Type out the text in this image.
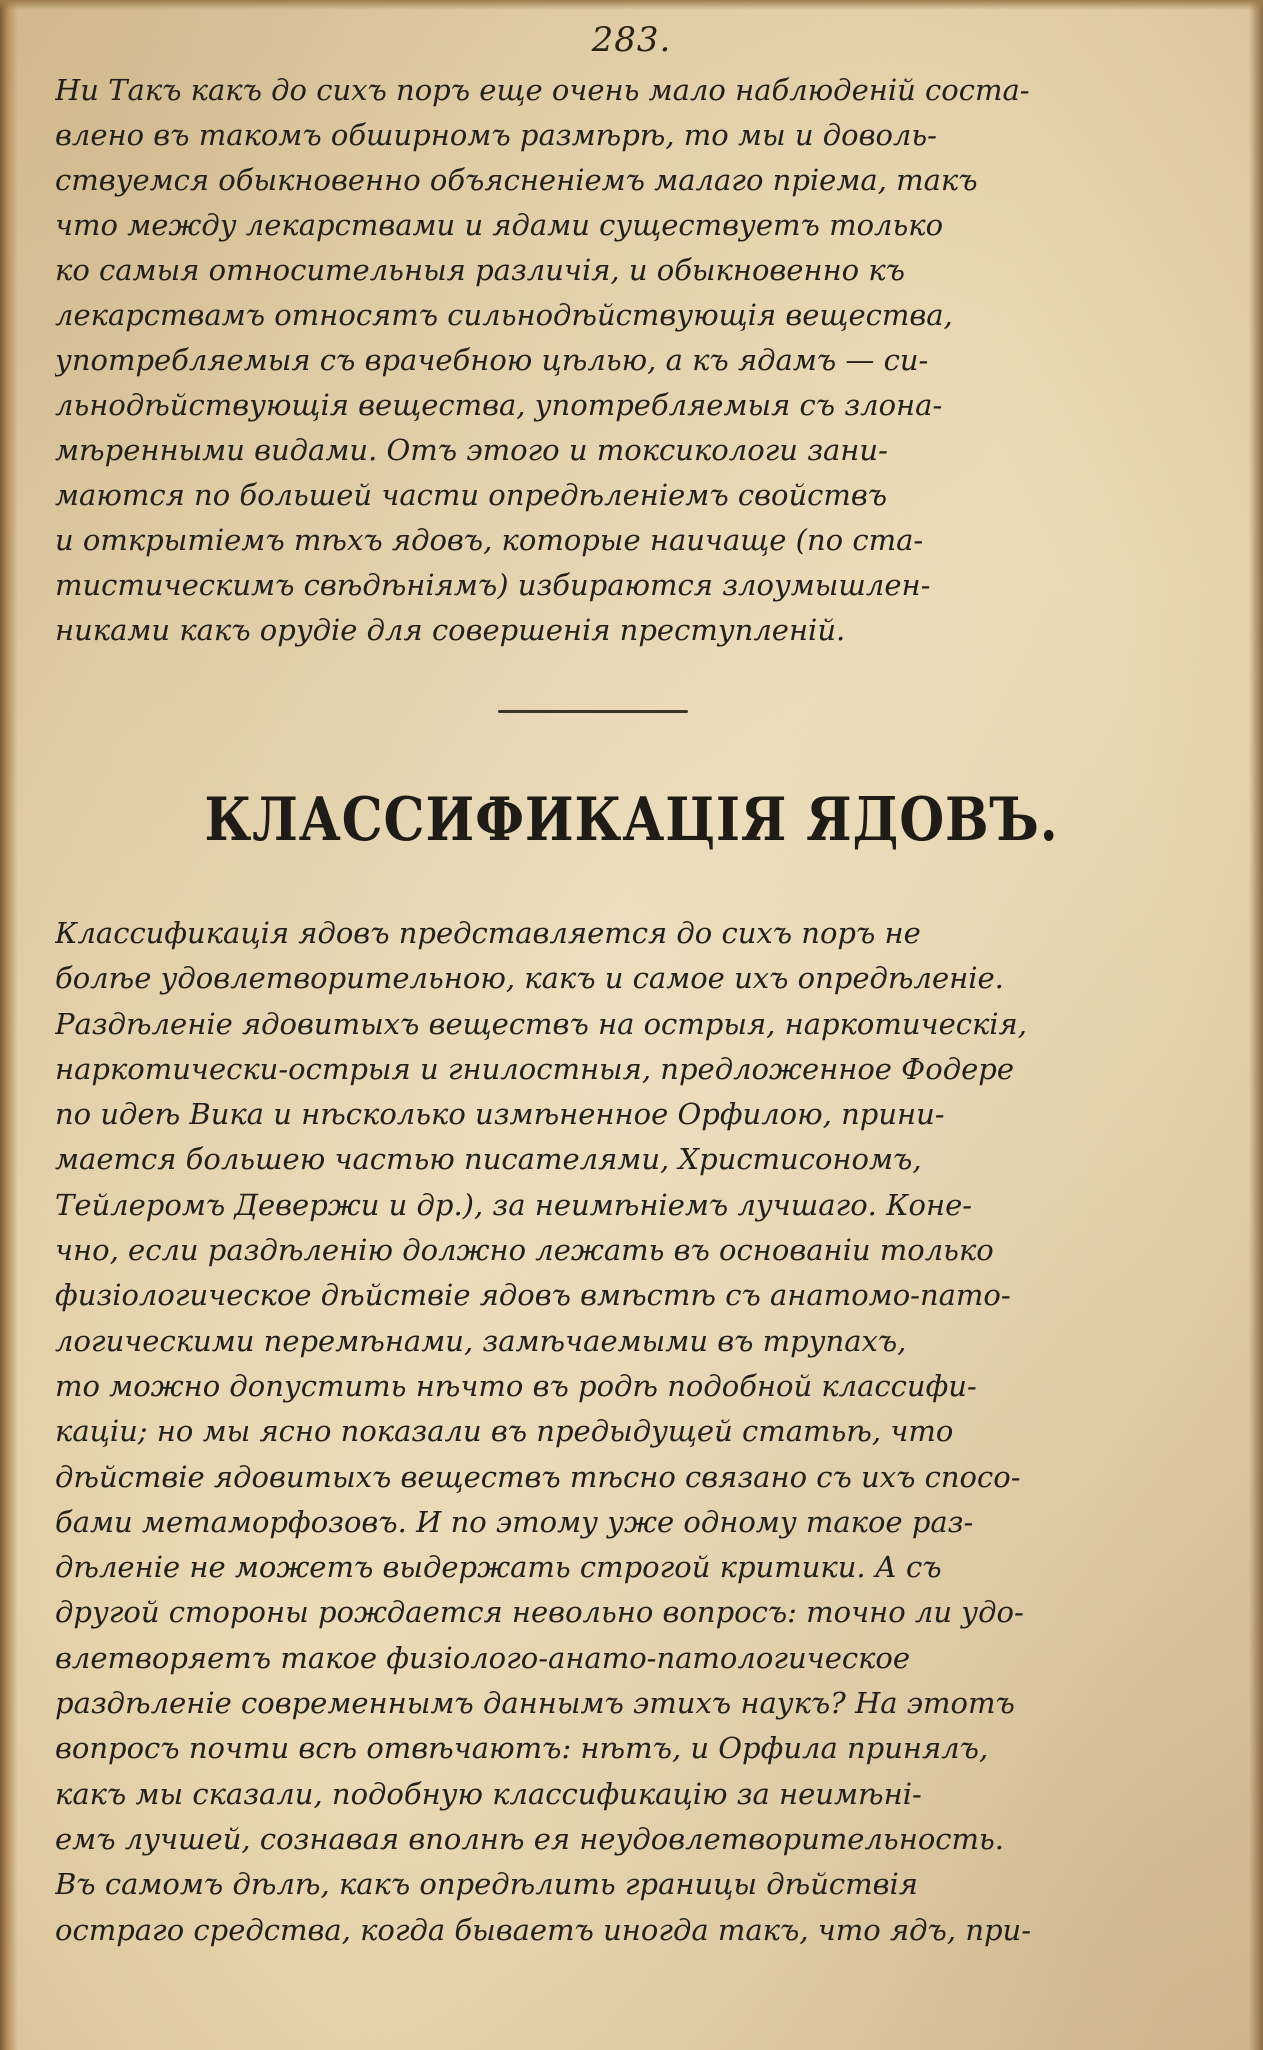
283.
Ни Такъ какъ до сихъ поръ еще очень мало наблюденій соста-
влено въ такомъ обширномъ размѣрѣ, то мы и доволь-
ствуемся обыкновенно объясненіемъ малаго пріема, такъ
что между лекарствами и ядами существуетъ только
ко самыя относительныя различія, и обыкновенно къ
лекарствамъ относятъ сильнодѣйствующія вещества,
употребляемыя съ врачебною цѣлью, а къ ядамъ — си-
льнодѣйствующія вещества, употребляемыя съ злона-
мѣренными видами. Отъ этого и токсикологи зани-
маются по большей части опредѣленіемъ свойствъ
и открытіемъ тѣхъ ядовъ, которые наичаще (по ста-
тистическимъ свѣдѣніямъ) избираются злоумышлен-
никами какъ орудіе для совершенія преступленій.
КЛАССИФИКАЦІЯ ЯДОВЪ.
Классификація ядовъ представляется до сихъ поръ не
болѣе удовлетворительною, какъ и самое ихъ опредѣленіе.
Раздѣленіе ядовитыхъ веществъ на острыя, наркотическія,
наркотически-острыя и гнилостныя, предложенное Фодере
по идеѣ Вика и нѣсколько измѣненное Орфилою, прини-
мается большею частью писателями, Христисономъ,
Тейлеромъ Девержи и др.), за неимѣніемъ лучшаго. Коне-
чно, если раздѣленію должно лежать въ основаніи только
физіологическое дѣйствіе ядовъ вмѣстѣ съ анатомо-пато-
логическими перемѣнами, замѣчаемыми въ трупахъ,
то можно допустить нѣчто въ родѣ подобной классифи-
каціи; но мы ясно показали въ предыдущей статьѣ, что
дѣйствіе ядовитыхъ веществъ тѣсно связано съ ихъ спосо-
бами метаморфозовъ. И по этому уже одному такое раз-
дѣленіе не можетъ выдержать строгой критики. А съ
другой стороны рождается невольно вопросъ: точно ли удо-
влетворяетъ такое физіолого-анато-патологическое
раздѣленіе современнымъ даннымъ этихъ наукъ? На этотъ
вопросъ почти всѣ отвѣчаютъ: нѣтъ, и Орфила принялъ,
какъ мы сказали, подобную классификацію за неимѣні-
емъ лучшей, сознавая вполнѣ ея неудовлетворительность.
Въ самомъ дѣлѣ, какъ опредѣлить границы дѣйствія
остраго средства, когда бываетъ иногда такъ, что ядъ, при-
